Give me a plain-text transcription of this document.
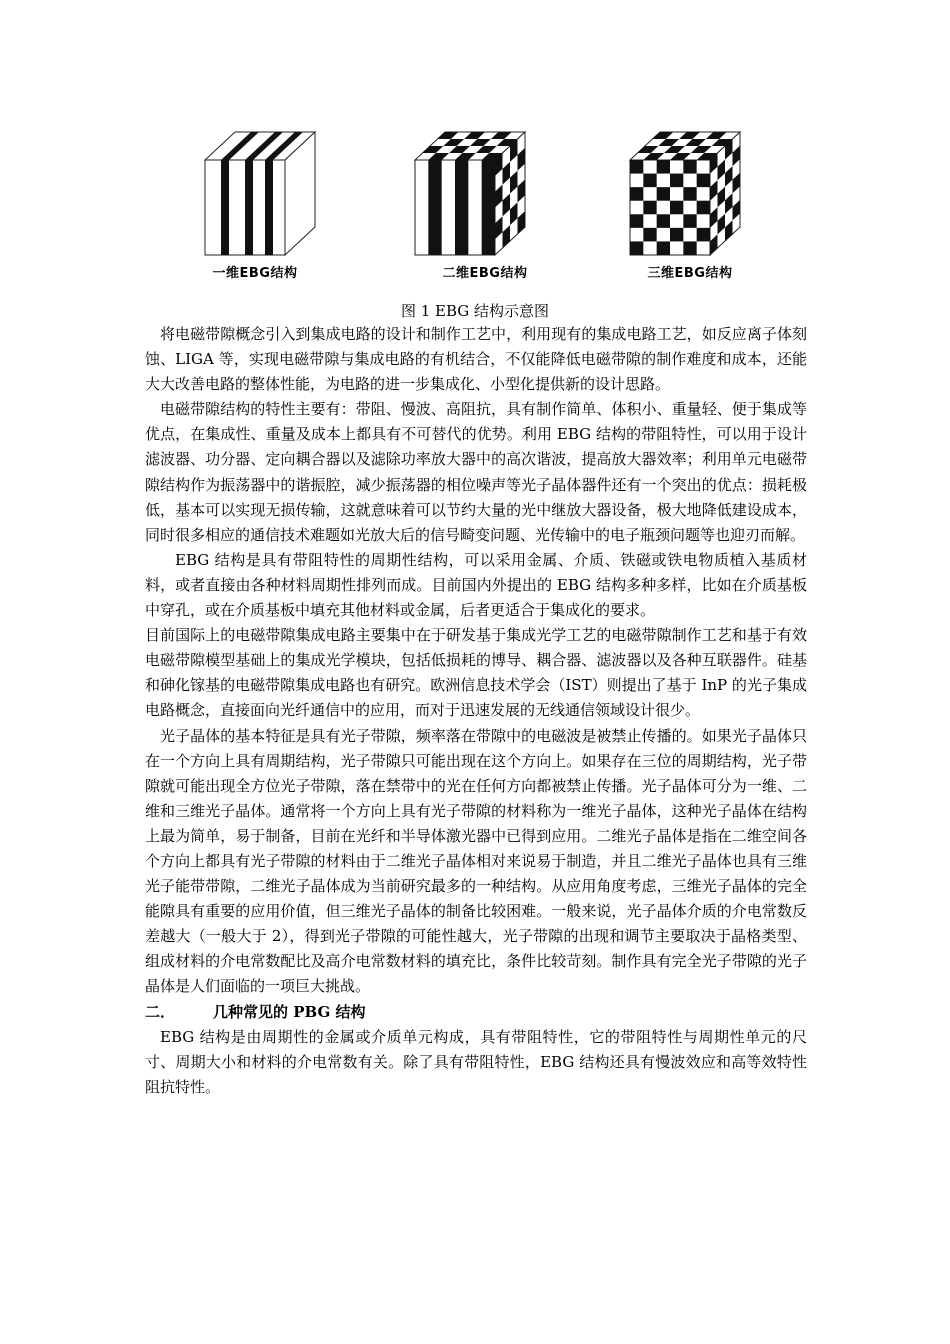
一维EBG结构	二维EBG结构	三维EBG结构
图 1 EBG 结构示意图

将电磁带隙概念引入到集成电路的设计和制作工艺中，利用现有的集成电路工艺，如反应离子体刻蚀、LIGA 等，实现电磁带隙与集成电路的有机结合，不仅能降低电磁带隙的制作难度和成本，还能大大改善电路的整体性能，为电路的进一步集成化、小型化提供新的设计思路。

电磁带隙结构的特性主要有：带阻、慢波、高阻抗，具有制作简单、体积小、重量轻、便于集成等优点，在集成性、重量及成本上都具有不可替代的优势。利用 EBG 结构的带阻特性，可以用于设计滤波器、功分器、定向耦合器以及滤除功率放大器中的高次谐波，提高放大器效率；利用单元电磁带隙结构作为振荡器中的谐振腔，减少振荡器的相位噪声等光子晶体器件还有一个突出的优点：损耗极低，基本可以实现无损传输，这就意味着可以节约大量的光中继放大器设备，极大地降低建设成本，同时很多相应的通信技术难题如光放大后的信号畸变问题、光传输中的电子瓶颈问题等也迎刃而解。

EBG 结构是具有带阻特性的周期性结构，可以采用金属、介质、铁磁或铁电物质植入基质材料，或者直接由各种材料周期性排列而成。目前国内外提出的 EBG 结构多种多样，比如在介质基板中穿孔，或在介质基板中填充其他材料或金属，后者更适合于集成化的要求。

目前国际上的电磁带隙集成电路主要集中在于研发基于集成光学工艺的电磁带隙制作工艺和基于有效电磁带隙模型基础上的集成光学模块，包括低损耗的博导、耦合器、滤波器以及各种互联器件。硅基和砷化镓基的电磁带隙集成电路也有研究。欧洲信息技术学会（IST）则提出了基于 InP 的光子集成电路概念，直接面向光纤通信中的应用，而对于迅速发展的无线通信领域设计很少。

光子晶体的基本特征是具有光子带隙，频率落在带隙中的电磁波是被禁止传播的。如果光子晶体只在一个方向上具有周期结构，光子带隙只可能出现在这个方向上。如果存在三位的周期结构，光子带隙就可能出现全方位光子带隙，落在禁带中的光在任何方向都被禁止传播。光子晶体可分为一维、二维和三维光子晶体。通常将一个方向上具有光子带隙的材料称为一维光子晶体，这种光子晶体在结构上最为简单，易于制备，目前在光纤和半导体激光器中已得到应用。二维光子晶体是指在二维空间各个方向上都具有光子带隙的材料由于二维光子晶体相对来说易于制造，并且二维光子晶体也具有三维光子能带带隙，二维光子晶体成为当前研究最多的一种结构。从应用角度考虑，三维光子晶体的完全能隙具有重要的应用价值，但三维光子晶体的制备比较困难。一般来说，光子晶体介质的介电常数反差越大（一般大于 2），得到光子带隙的可能性越大，光子带隙的出现和调节主要取决于晶格类型、组成材料的介电常数配比及高介电常数材料的填充比，条件比较苛刻。制作具有完全光子带隙的光子晶体是人们面临的一项巨大挑战。

二．	几种常见的 PBG 结构

EBG 结构是由周期性的金属或介质单元构成，具有带阻特性，它的带阻特性与周期性单元的尺寸、周期大小和材料的介电常数有关。除了具有带阻特性，EBG 结构还具有慢波效应和高等效特性阻抗特性。
